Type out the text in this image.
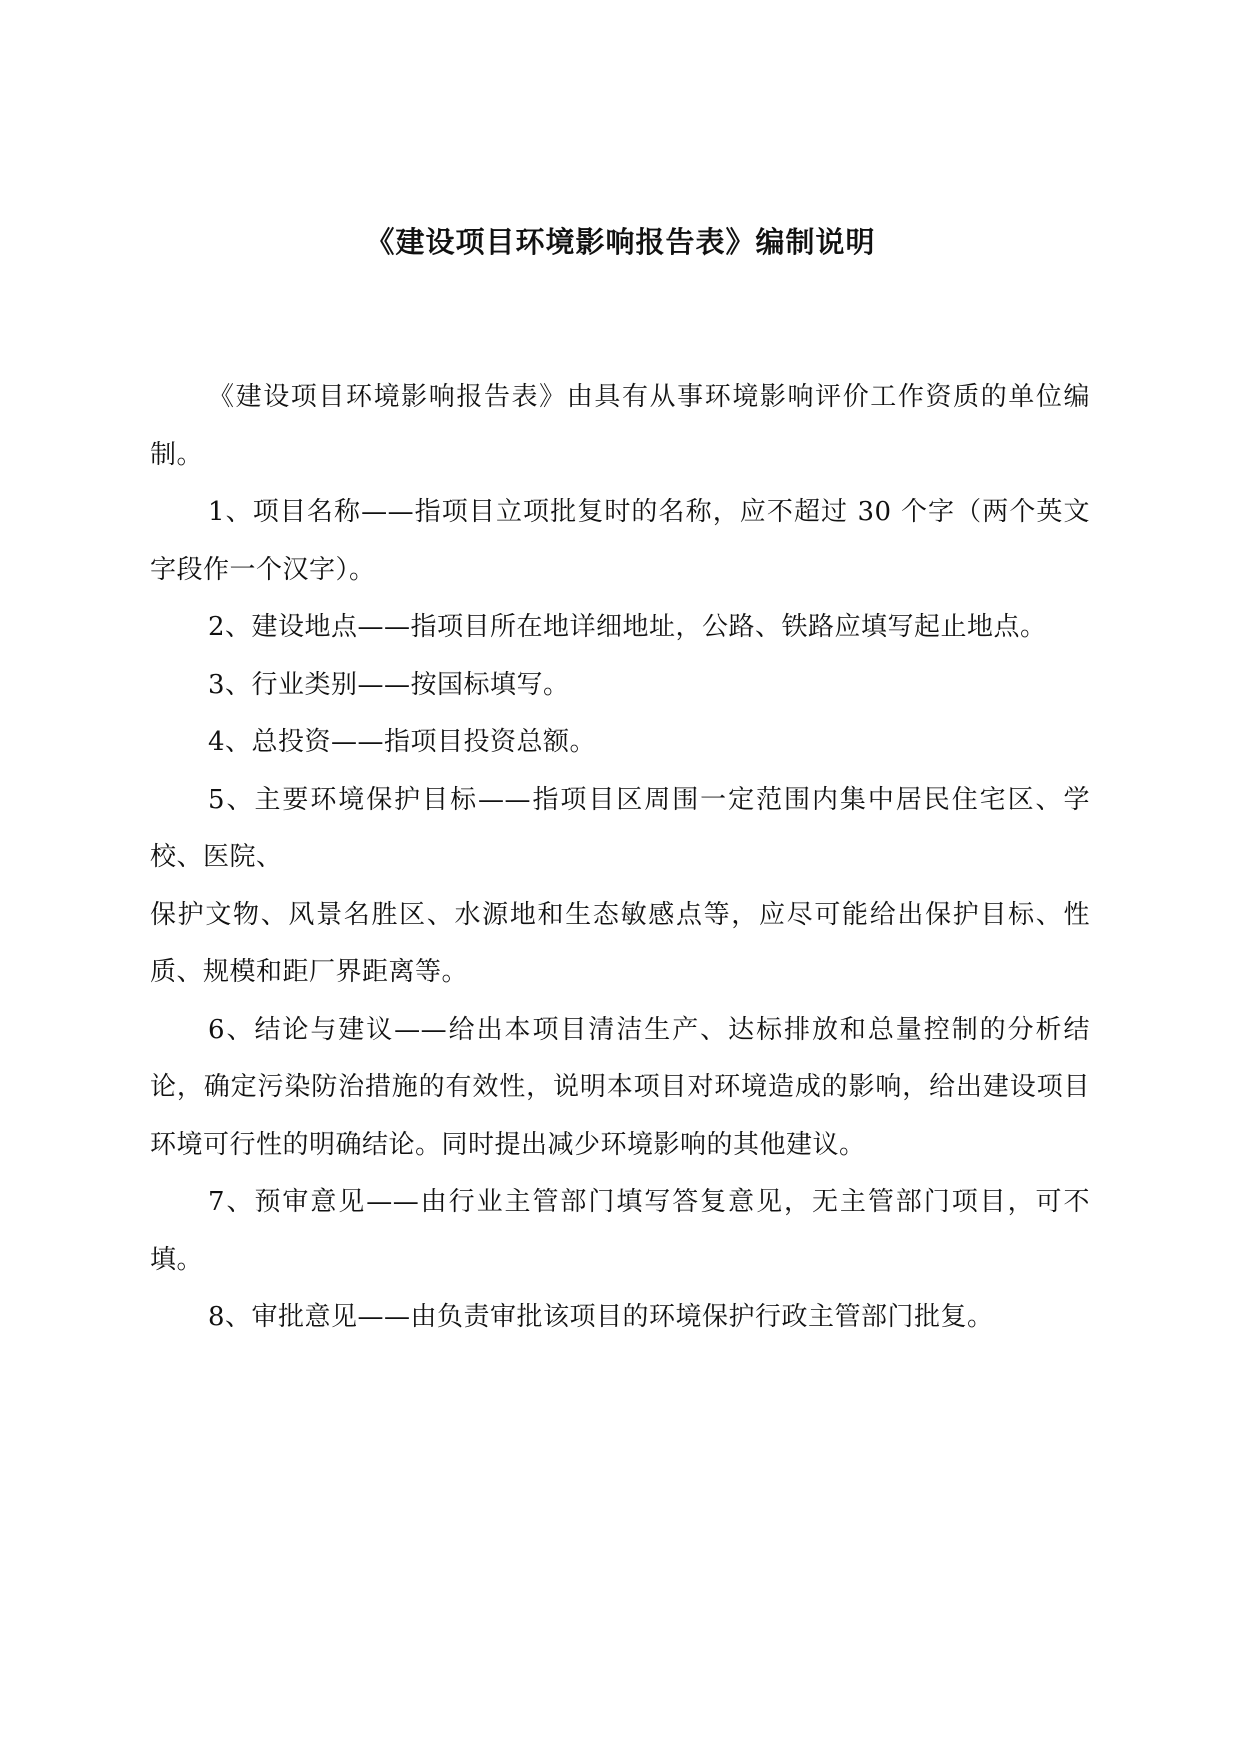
《建设项目环境影响报告表》编制说明

《建设项目环境影响报告表》由具有从事环境影响评价工作资质的单位编制。

1、项目名称——指项目立项批复时的名称，应不超过 30 个字（两个英文字段作一个汉字）。

2、建设地点——指项目所在地详细地址，公路、铁路应填写起止地点。

3、行业类别——按国标填写。

4、总投资——指项目投资总额。

5、主要环境保护目标——指项目区周围一定范围内集中居民住宅区、学校、医院、

保护文物、风景名胜区、水源地和生态敏感点等，应尽可能给出保护目标、性质、规模和距厂界距离等。

6、结论与建议——给出本项目清洁生产、达标排放和总量控制的分析结论，确定污染防治措施的有效性，说明本项目对环境造成的影响，给出建设项目环境可行性的明确结论。同时提出减少环境影响的其他建议。

7、预审意见——由行业主管部门填写答复意见，无主管部门项目，可不填。

8、审批意见——由负责审批该项目的环境保护行政主管部门批复。
